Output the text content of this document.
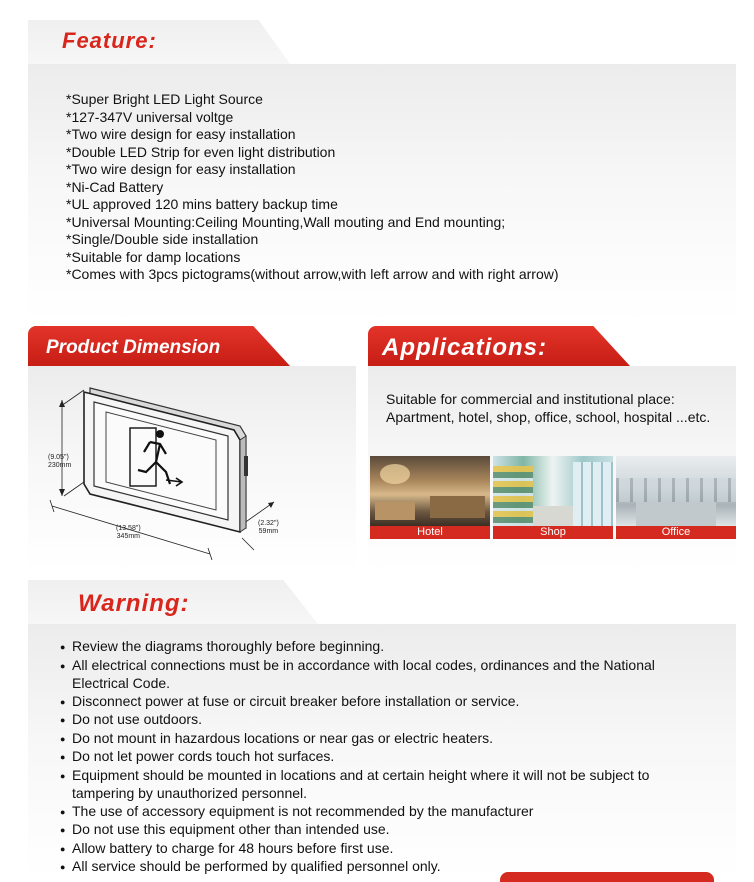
Feature:
*Super Bright LED Light Source
*127-347V universal voltge
*Two wire design for easy installation
*Double LED Strip for even light distribution
*Two wire design for easy installation
*Ni-Cad Battery
*UL approved 120 mins battery backup time
*Universal Mounting:Ceiling Mounting,Wall mouting and End mounting;
*Single/Double side installation
*Suitable for damp locations
*Comes with 3pcs pictograms(without arrow,with left arrow and with right arrow)
Product Dimension
(9.05")
230mm
(13.58")
345mm
(2.32")
59mm
Applications:
Suitable for commercial and institutional place: Apartment, hotel, shop, office, school, hospital ...etc.
Hotel	Shop	Office
Warning:
● Review the diagrams thoroughly before beginning.
● All electrical connections must be in accordance with local codes, ordinances and the National Electrical Code.
● Disconnect power at fuse or circuit breaker before installation or service.
● Do not use outdoors.
● Do not mount in hazardous locations or near gas or electric heaters.
● Do not let power cords touch hot surfaces.
● Equipment should be mounted in locations and at certain height where it will not be subject to tampering by unauthorized personnel.
● The use of accessory equipment is not recommended by the manufacturer
● Do not use this equipment other than intended use.
● Allow battery to charge for 48 hours before first use.
● All service should be performed by qualified personnel only.
